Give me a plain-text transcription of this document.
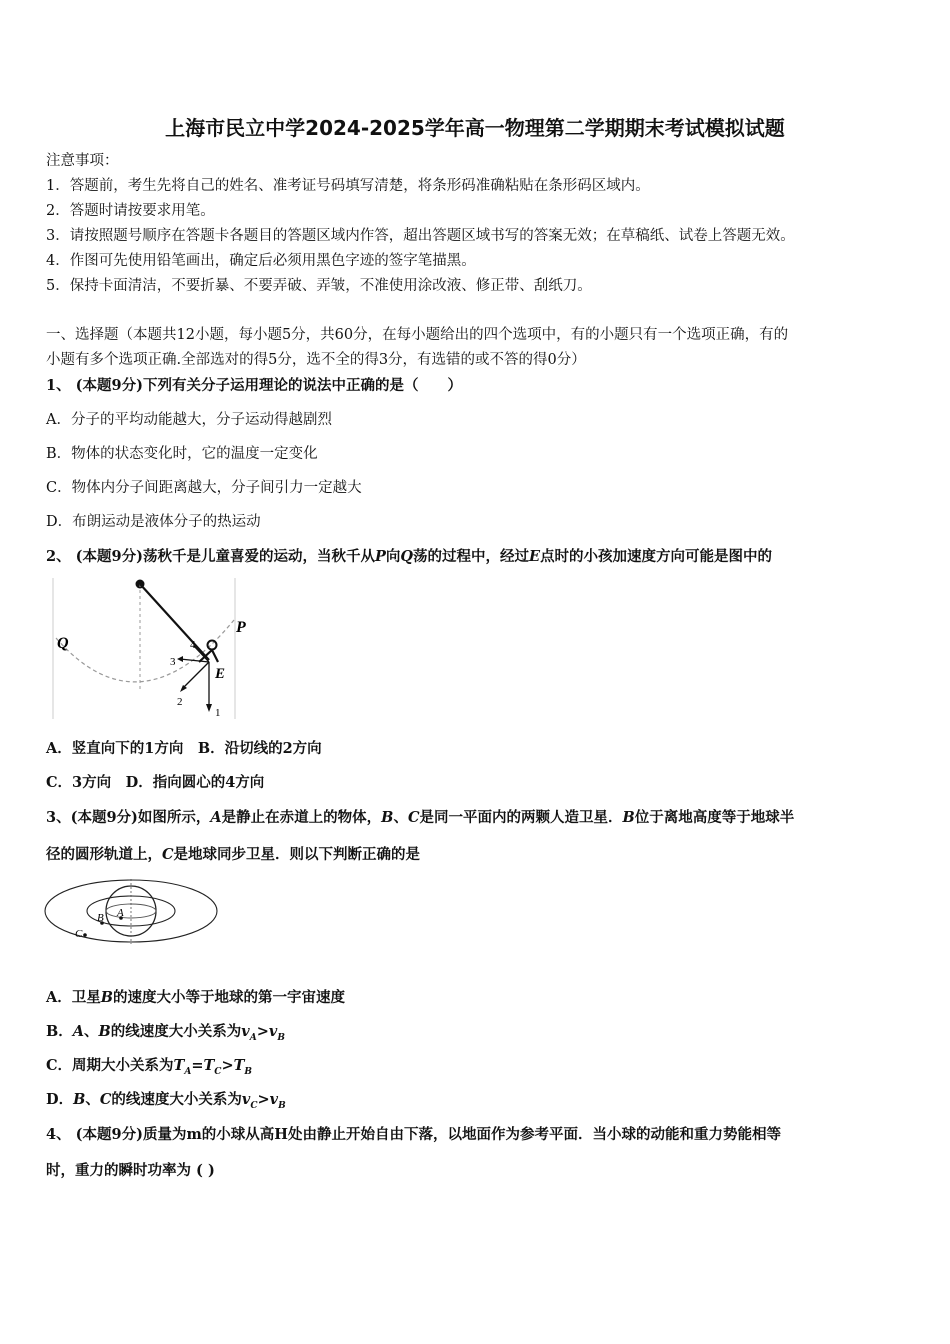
上海市民立中学2024-2025学年高一物理第二学期期末考试模拟试题
注意事项：
1．答题前，考生先将自己的姓名、准考证号码填写清楚，将条形码准确粘贴在条形码区域内。
2．答题时请按要求用笔。
3．请按照题号顺序在答题卡各题目的答题区域内作答，超出答题区域书写的答案无效；在草稿纸、试卷上答题无效。
4．作图可先使用铅笔画出，确定后必须用黑色字迹的签字笔描黑。
5．保持卡面清洁，不要折暴、不要弄破、弄皱，不准使用涂改液、修正带、刮纸刀。
一、选择题（本题共12小题，每小题5分，共60分，在每小题给出的四个选项中，有的小题只有一个选项正确，有的
小题有多个选项正确.全部选对的得5分，选不全的得3分，有选错的或不答的得0分）
1、 (本题9分)下列有关分子运用理论的说法中正确的是（　　）
A．分子的平均动能越大，分子运动得越剧烈
B．物体的状态变化时，它的温度一定变化
C．物体内分子间距离越大，分子间引力一定越大
D．布朗运动是液体分子的热运动
2、 (本题9分)荡秋千是儿童喜爱的运动，当秋千从P向Q荡的过程中，经过E点时的小孩加速度方向可能是图中的
Q
P
E
1
2
3
4
A．竖直向下的1方向　B．沿切线的2方向
C．3方向　D．指向圆心的4方向
3、(本题9分)如图所示，A是静止在赤道上的物体，B、C是同一平面内的两颗人造卫星．B位于离地高度等于地球半
径的圆形轨道上，C是地球同步卫星．则以下判断正确的是
A
B
C
A．卫星B的速度大小等于地球的第一宇宙速度
B．A、B的线速度大小关系为$v_A>v_B$
C．周期大小关系为$T_A=T_C>T_B$
D．B、C的线速度大小关系为$v_C>v_B$
4、 (本题9分)质量为m的小球从高H处由静止开始自由下落，以地面作为参考平面．当小球的动能和重力势能相等
时，重力的瞬时功率为 ( )
